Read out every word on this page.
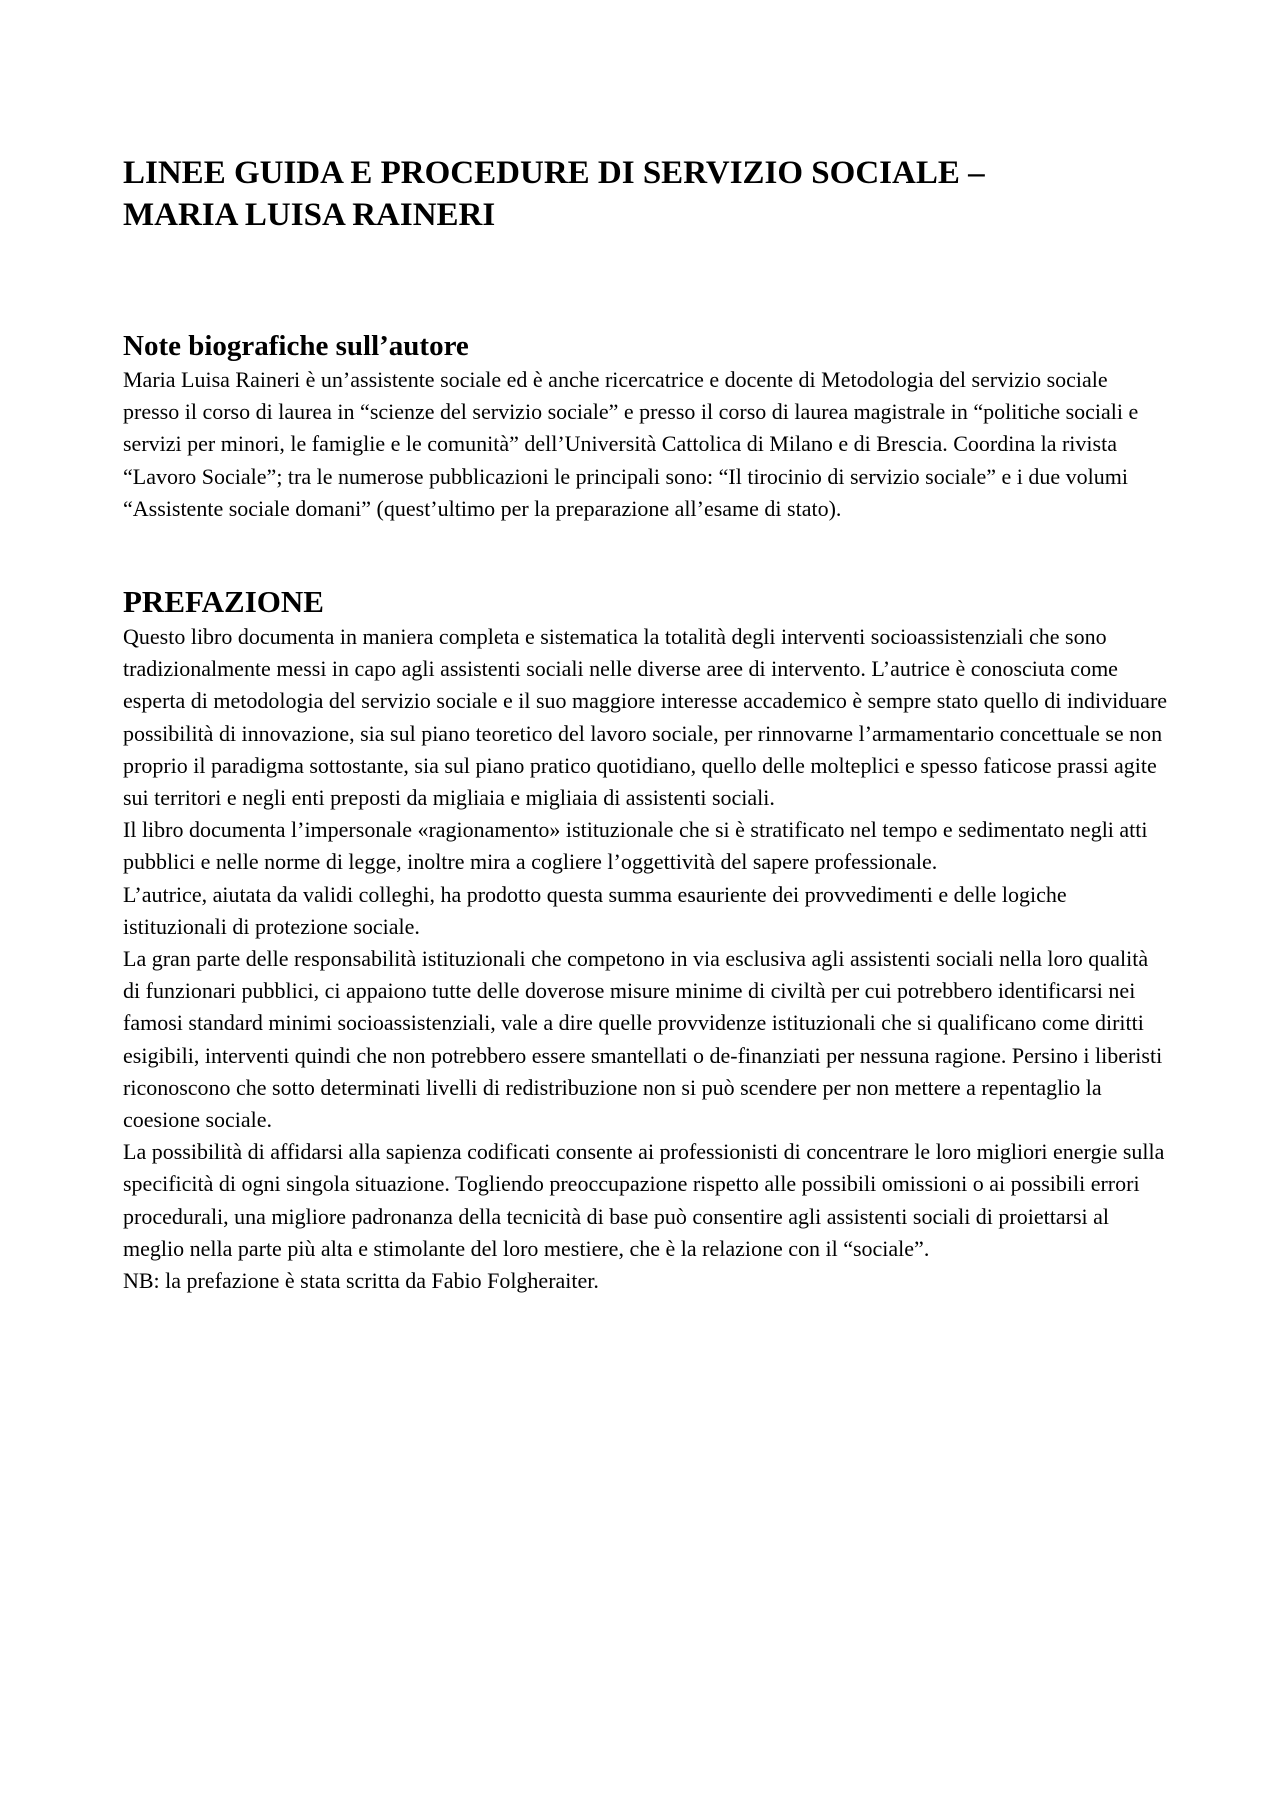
LINEE GUIDA E PROCEDURE DI SERVIZIO SOCIALE –
MARIA LUISA RAINERI
Note biografiche sull’autore

Maria Luisa Raineri è un’assistente sociale ed è anche ricercatrice e docente di Metodologia del servizio sociale presso il corso di laurea in “scienze del servizio sociale” e presso il corso di laurea magistrale in “politiche sociali e servizi per minori, le famiglie e le comunità” dell’Università Cattolica di Milano e di Brescia. Coordina la rivista “Lavoro Sociale”; tra le numerose pubblicazioni le principali sono: “Il tirocinio di servizio sociale” e i due volumi “Assistente sociale domani” (quest’ultimo per la preparazione all’esame di stato).

PREFAZIONE

Questo libro documenta in maniera completa e sistematica la totalità degli interventi socioassistenziali che sono tradizionalmente messi in capo agli assistenti sociali nelle diverse aree di intervento. L’autrice è conosciuta come esperta di metodologia del servizio sociale e il suo maggiore interesse accademico è sempre stato quello di individuare possibilità di innovazione, sia sul piano teoretico del lavoro sociale, per rinnovarne l’armamentario concettuale se non proprio il paradigma sottostante, sia sul piano pratico quotidiano, quello delle molteplici e spesso faticose prassi agite sui territori e negli enti preposti da migliaia e migliaia di assistenti sociali.

Il libro documenta l’impersonale «ragionamento» istituzionale che si è stratificato nel tempo e sedimentato negli atti pubblici e nelle norme di legge, inoltre mira a cogliere l’oggettività del sapere professionale.

L’autrice, aiutata da validi colleghi, ha prodotto questa summa esauriente dei provvedimenti e delle logiche istituzionali di protezione sociale.

La gran parte delle responsabilità istituzionali che competono in via esclusiva agli assistenti sociali nella loro qualità di funzionari pubblici, ci appaiono tutte delle doverose misure minime di civiltà per cui potrebbero identificarsi nei famosi standard minimi socioassistenziali, vale a dire quelle provvidenze istituzionali che si qualificano come diritti esigibili, interventi quindi che non potrebbero essere smantellati o de-finanziati per nessuna ragione. Persino i liberisti riconoscono che sotto determinati livelli di redistribuzione non si può scendere per non mettere a repentaglio la coesione sociale.

La possibilità di affidarsi alla sapienza codificati consente ai professionisti di concentrare le loro migliori energie sulla specificità di ogni singola situazione. Togliendo preoccupazione rispetto alle possibili omissioni o ai possibili errori procedurali, una migliore padronanza della tecnicità di base può consentire agli assistenti sociali di proiettarsi al meglio nella parte più alta e stimolante del loro mestiere, che è la relazione con il “sociale”.

NB: la prefazione è stata scritta da Fabio Folgheraiter.
